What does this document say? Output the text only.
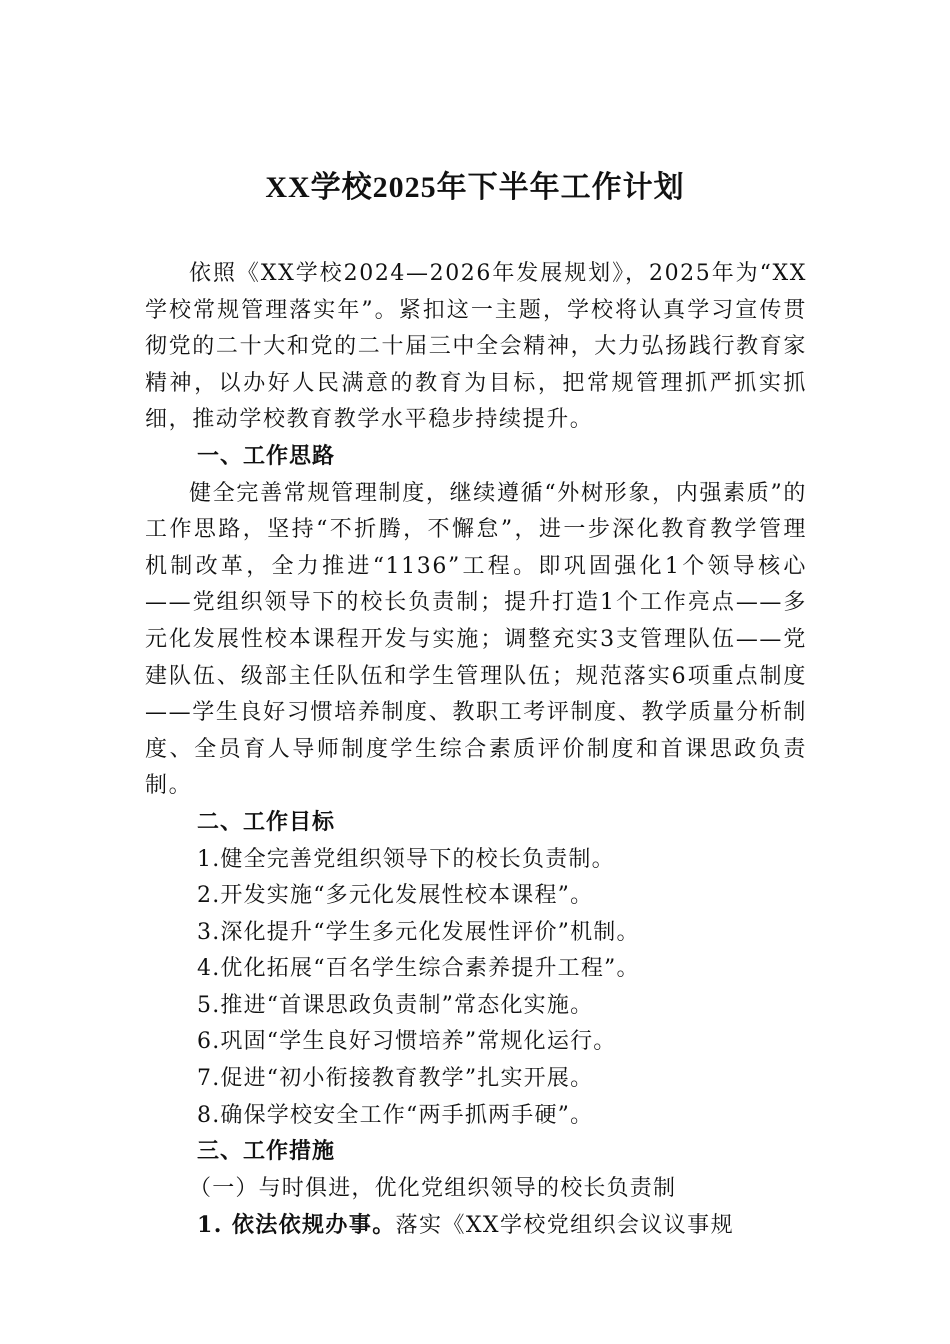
XX学校2025年下半年工作计划

依照《XX学校2024—2026年发展规划》，2025年为“XX学校常规管理落实年”。紧扣这一主题，学校将认真学习宣传贯彻党的二十大和党的二十届三中全会精神，大力弘扬践行教育家精神，以办好人民满意的教育为目标，把常规管理抓严抓实抓细，推动学校教育教学水平稳步持续提升。

一、工作思路

健全完善常规管理制度，继续遵循“外树形象，内强素质”的工作思路，坚持“不折腾，不懈怠”，进一步深化教育教学管理机制改革，全力推进“1136”工程。即巩固强化1个领导核心——党组织领导下的校长负责制；提升打造1个工作亮点——多元化发展性校本课程开发与实施；调整充实3支管理队伍——党建队伍、级部主任队伍和学生管理队伍；规范落实6项重点制度——学生良好习惯培养制度、教职工考评制度、教学质量分析制度、全员育人导师制度学生综合素质评价制度和首课思政负责制。

二、工作目标

1.健全完善党组织领导下的校长负责制。

2.开发实施“多元化发展性校本课程”。

3.深化提升“学生多元化发展性评价”机制。

4.优化拓展“百名学生综合素养提升工程”。

5.推进“首课思政负责制”常态化实施。

6.巩固“学生良好习惯培养”常规化运行。

7.促进“初小衔接教育教学”扎实开展。

8.确保学校安全工作“两手抓两手硬”。

三、工作措施

（一）与时俱进，优化党组织领导的校长负责制

1. 依法依规办事。落实《XX学校党组织会议议事规
